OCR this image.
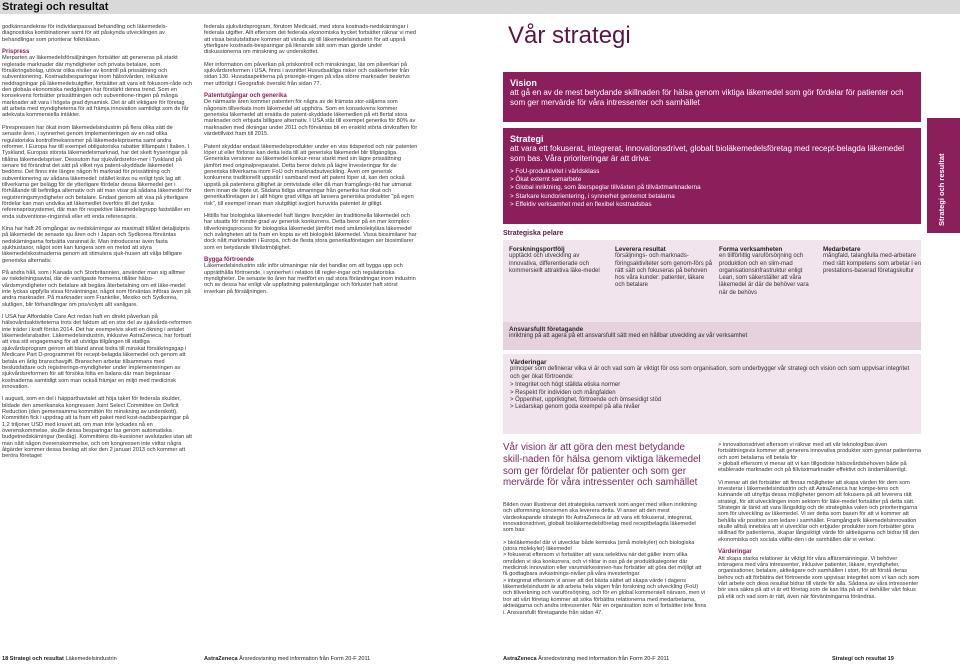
Strategi och resultat

godkännandekrav för individanpassad behandling och läkemedels-diagnostiska kombinationer samt för att påskynda utvecklingen av behandlingar som prioriterar folkhälsan.

Prispress

Merparten av läkemedelsförsäljningen fortsätter att genereras på starkt reglerade marknader där myndigheter och privata betalare, som försäkringsbolag, utövar olika nivåer av kontroll på prissättning och subventionering. Kostnadsbesparingar inom hälsovården, inklusive neddragningar på läkemedelsutgifter, fortsätter att vara ett fokusom-råde och den globala ekonomiska nedgången har förstärkt denna trend. Som en konsekvens fortsätter prissättningen och subventione-ringen på många marknader att vara i högsta grad dynamisk. Det är allt viktigare för företag att arbeta med myndigheterna för att främja innovation samtidigt som de får adekvata kommersiella intäkter.

Pirespressen har ökat inom läkemedelsindustrin på flera olika sätt de senaste åren, i synnerhet genom implementeringen av en rad olika regulatoriska kontrollmekanismer på läkemedelsprisema samt andra reformer. I Europa har till exempel obligatoriska rabatter tillämpats i Italien. I Tyskland, Europas största läkemedelsmarknad, har det skett fryseringar på tillåtna läkemedelspriser. Dessutom har sjukvårdsrefor-mer i Tyskland på senare tid förändrat det sätt på vilket nya patent-skyddade läkemedel bedöms. Det finns inte längre någon fri marknad för prissättning och subventionering av sådana läkemedel: istället krävs nu enligt tysk lag att tillverkarna ger belägg för de ytterligare fördelar dessa läkemedel ger i förhållande till befintliga alternativ och att man visar på sådana läkemedel för registreringsmyndigheter och betalare. Endast genom att visa på ytterligare fördelar kan man undvika att läkemedlet överförs till det tyska referensprissystemet, där man för respektive läkemedelsgrupp fastställer en enda subventione-ringsnivå eller ett enda referenspris.

Kina har haft 26 omgångar av nedskärningar av maximalt tillåtet detaljistpris på läkemedel de senaste sju åren och i Japan och Sydkorea förväntas nedskärningarna fortsätta varannat år. Man introducerar även fasta sjukhustaxor, något som kan fungera som en metod att styra läkemedelskostnaderna genom att stimulera sjuk-husen att välja billigare generiska alternativ.

På andra håll, som i Kanada och Storbritannien, använder man sig alltmer av riskdelningsavtal, där de vanligaste formerna tillåter hälso-vårdsmyndigheter och betalare att begära återbetalning om ett läke-medel inte lyckas uppfylla vissa förväntningar, något som förväntas införas även på andra marknader. På marknader som Frankrike, Mexiko och Sydkorea, slutligen, blir förhandlingar om pris/volym allt vanligare.

I USA har Affordable Care Act redan haft en direkt påverkan på hälsovårdsaktiviteterna trots det faktum att en stor del av sjukvårds-reformen inte träder i kraft förrän 2014. Det har exempelvis skett en ökning i antalet läkemedelsrabatter. Läkemedelsindustrin, inklusive AstraZeneca, har fortsatt att visa sitt engagemang för att utvidga tillgången till statliga sjukvårdsprogram genom att bland annat bidra till minskat försäkringsgap i Medicare Part D-programmet för recept-belagda läkemedel och genom att betala en årlig branschavgift. Branschen arbetar tillsammans med beslutsfattare och registrerings-myndigheter under implementeringen av sjukvårdsreformen för att försöka hitta en balans där man begränsar kostnaderna samtidigt som man också främjar en miljö med medicinsk innovation.

I augusti, som en del i häpparthavtalet att höja taket för federala skulder, bildade den amerikanska kongressen Joint Select Committee on Deficit Reduction (den gemensamma kommittén för minskning av underskott). Kommittén fick i uppdrag att ta fram ett paket med kost-nadsbesparingar på 1,2 triljoner USD med kravet att, om man inte lyckades nå en överenskommelse, skulle dessa besparingar tas genom automatiska budgetnedskärningar (besläg). Kommitténs dis-kussioner avslutades utan att man nått någon överenskommelse, och om kongressen inte vidtar några åtgärder kommer dessa beslag att ske den 2 januari 2013 och kommer att beröra företaget

federala sjukvårdsprogram, förutom Medicaid, med stora kostnads-nedskärningar i federala utgifter. Allt eftersom det federala ekonomiska trycket fortsätter räknar vi med att vissa beslutsfattare kommer att vända sig till läkemedelsindustrin för att uppnå ytterligare kostnads-besparingar på liknande sätt som man gjorde under diskussionerna om minskning av underskottet.

Mer information om påverkan på priskontroll och minskningar, läs om påverkan på sjukvårdsreformen i USA, finns i avsnittet Huvudsakliga risker och osäkerheter från sidan 130. Huvudaspekterna på prisregle-ringen på våra större marknader beskrivs mer utförligt i Geografisk översikt från sidan 77.

Patentutgångar och generika

De närmaste åren kommer patenten för några av de främsta stor-säljarna som någonsin tillverkats inom läkemedel att upphöra. Som en konsekvens kommer generiska läkemedel att ersätta de patent-skyddade läkemedlen på ett flertal stora marknader och erbjuda billigare alternativ. I USA står till exempel generika för 80% av marknaden med ökningar under 2011 och förväntas bli en enskild störta drivkraften för värdetillväxt fram till 2015.

Patent skyddar endast läkemedelsprodukter under en viss tidsperiod och när patenten löper ut eller förloras kan detta leda till att generiska läkemedel blir tillgängliga. Generiska versioner av läkemedel konkur-rerar starkt med sin lägre prissättning jämfört med originalpreparatet. Detta beror delvis på lägre investeringar för de generiska tillverkarna inom FoU och marknadsutveckling. Även om generisk konkurrens traditionellt uppstår i samband med att patent löper ut, kan den också uppstå på patentens giltighet är omtvistade eller då man framgångs-rikt har utmanat dem innan de löpte ut. Sådana tidiga utmaningar från generika har ökat och generikaföretagen är i allt högre grad villiga att lansera generiska produkter "på egen risk", till exempel innan man slutgiltigt avgjort huruvida patentet är giltigt.

Hittills har biologiska läkemedel haft längre livscykler än traditionella läkemedel och har utsatts för mindre grad av generisk konkurrens. Detta beror på en mer komplex tillverkningsprocess för biologiska läkemedel jämfört med småmolekylära läkemedel och svårigheten att ta fram en kopia av ett biologiskt läkemedel. Vissa biosimilarer har dock nått marknaden i Europa, och de flesta stora generikaföretagen ser biosimilarer som en betydande tillväxtmöjlighet.

Bygga förtroende

Läkemedelsindustrin står inför utmaningar när det handlar om att bygga upp och upprätthålla förtroende, i synnerhet i relation till regler-ingar och regulatoriska myndigheter. De senaste tio åren har medfört en rad stora förändringar inom industrin och av dessa har enligt vår uppfattning patentutgångar och förluster haft störst inverkan på försäljningen.

Vår strategi
Vision
att gå en av de mest betydande skillnaden för hälsa genom viktiga läkemedel som gör fördelar för patienter och som ger mervärde för våra intressenter och samhället
Strategi
att vara ett fokuserat, integrerat, innovationsdrivet, globalt bioläkemedelsföretag med recept-belagda läkemedel som bas. Våra prioriteringar är att driva:
> FoU-produktivitet i världsklass
> Ökat externt samarbete
> Global inriktning, som återspeglar tillväxten på tillväxtmarknaderna
> Starkare kundorientering, i synnerhet gentemot betalarna
> Effektiv verksamhet med en flexibel kostnadsbas	Strategi och resultat
Strategiska pelare
Forskningsportfölj
upptäckt och utveckling av innovativa, differentierade och kommersiellt attraktiva läke-medel
Leverera resultat
försäljnings- och marknads-föringsaktiviteter som genom-förs på rätt sätt och fokuseras på behoven hos våra kunder: patienter, läkare och betalare
Forma verksamheten
en tillförlitlig varuförsörjning och produktion och en slim-mad organisationsinfrastruktur enligt Lean, som säkerställer att våra läkemedel är där de behöver vara när de behövs
Medarbetare
mångfald, talangfulla med-arbetare med rätt kompetens som arbetar i en prestations-baserad företagskultur
Ansvarsfullt företagande
inriktning på att agera på ett ansvarsfullt sätt med en hållbar utveckling av vår verksamhet
Värderingar
principer som definierar vilka vi är och vad som är viktigt för oss som organisation, som underbygger vår strategi och vision och som uppvisar integritet och ger ökat förtroende:
> Integritet och högt ställda etiska normer
> Respekt för individen och mångfalden
> Öppenhet, uppriktighet, förtroende och ömsesidigt stöd
> Ledarskap genom goda exempel på alla nivåer
Vår vision är att göra den mest betydande skill-naden för hälsa genom viktiga läkemedel som ger fördelar för patienter och som ger mervärde för våra intressenter och samhället

Bilden ovan illustrerar det strategiska ramverk som anger med vilken inriktning och utformning koncernen ska leverera detta. Vi anser att den mest värdeskapande strategin för AstraZeneca är att vara ett fokuserat, integrerat, innovationsdrivet, globalt bioläkemedelsföretag med receptbelagda läkemedel som bas:

> bioläkemedel där vi utvecklar både kemiska (små molekyler) och biologiska (stora molekyler) läkemedel
> fokuserat eftersom vi fortsätter att vara selektiva när det gäller inom vilka områden vi ska konkurrera, och vi riktar in oss på de produktkategorier där medicinsk innovation eller varumärkesinnen-hav fortsätter att göra det möjligt att få godtagbara avkastnings-nivåer på våra investeringar
> integrerat eftersom vi anser att det bästa sättet att skapa värde i dagens läkemedelsindustri är att arbeta hela vägen från forskning och utveckling (FoU) och tillverkning och varuförsörjning, och för en global kommersiell närvaro, men vi tror att vårt företag kommer att söka förbättra relationerna med medarbetarna, aktieägarna och andra intressenter. När en organisation som vi fortsätter inte finns i. Ansvarsfullt företagande från sidan 47.
> innovationsdrivet eftersom vi räknar med att vår teknologibas även fortsättningsvis kommer att generera innovativa produkter som gynnar patienterna och som betalarna vill betala för
> globalt eftersom vi menar att vi kan tillgodose hälsovårdsbehoven både på etablerade marknader och på tillväxtmarknader effektivt och ändamålsenligt.

Vi menar att det fortsätter att finnas möjligheter att skapa värden för dem som investerar i läkemedelsindustrin och att AstraZeneca har kompe-tens och kunnande att utnyttja dessa möjligheter genom att fokusera på att leverera rätt strategi, för att utvecklingen inom sektorn för läke-medel fortsätter på detta sätt. Strategin är tänkt att vara långsiktig och de strategiska valen och prioriteringarna som för utveckling av läkemedel. Vi ser detta som basen för att vi kommer att behålla vår position som ledare i samhället. Framgångsrik läkemedelsinnovation skulle alltså innebära att vi utvecklar och erbjuder produkter som fortsätter göra skillnad för patienterna, skapar långsiktigt värde för aktieägarna och bidrar till den ekonomiska och sociala välfär-den i de samhällen där vi verkar.

Värderingar

Att skapa starka relationer är viktigt för våra affärsmänningar. Vi behöver interagera med våra intressenter, inklusive patienter, läkare, myndigheter, organisationer, betalare, aktieägare och samhällen i stort, för att förstå deras behov och att förbättra det förtroende som uppvisar integritet som vi kan och som vårt arbete och dess resultat bidrar till värde för alla. Sådana av våra intressenter bör vara säkra på att vi är ett företag som de kan lita på att vi behåller vårt fokus på etik och vad som är rätt, även när förväntningarna förändras.

18 Strategi och resultat Läkemedelsindustrin	AstraZeneca Årsredovisning med information från Form 20-F 2011	AstraZeneca Årsredovisning med information från Form 20-F 2011	Strategi och resultat 19
